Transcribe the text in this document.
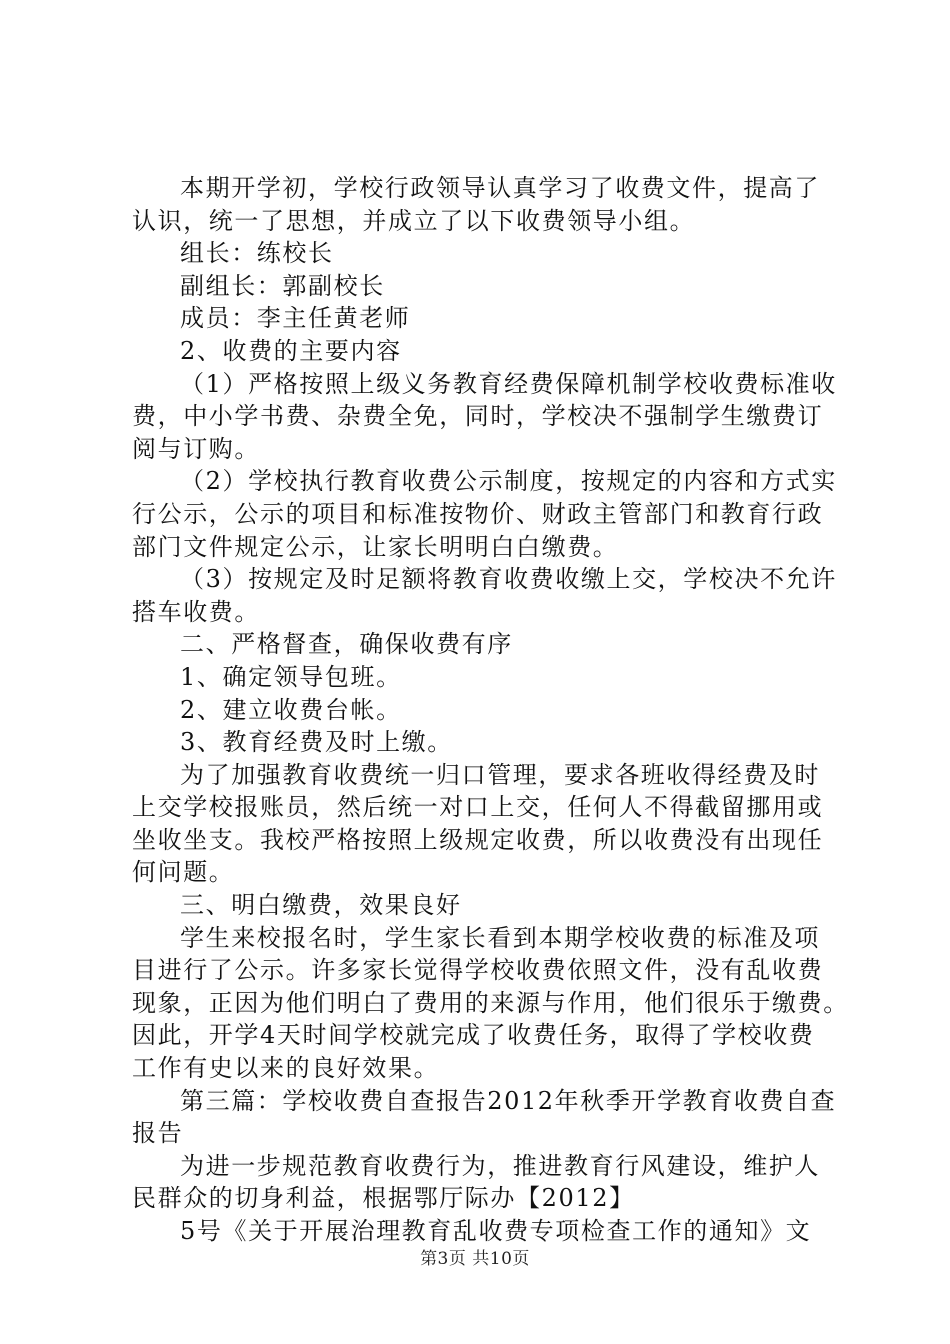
本期开学初，学校行政领导认真学习了收费文件，提高了
认识，统一了思想，并成立了以下收费领导小组。
组长：练校长
副组长：郭副校长
成员：李主任黄老师
2、收费的主要内容
（1）严格按照上级义务教育经费保障机制学校收费标准收
费，中小学书费、杂费全免，同时，学校决不强制学生缴费订
阅与订购。
（2）学校执行教育收费公示制度，按规定的内容和方式实
行公示，公示的项目和标准按物价、财政主管部门和教育行政
部门文件规定公示，让家长明明白白缴费。
（3）按规定及时足额将教育收费收缴上交，学校决不允许
搭车收费。
二、严格督查，确保收费有序
1、确定领导包班。
2、建立收费台帐。
3、教育经费及时上缴。
为了加强教育收费统一归口管理，要求各班收得经费及时
上交学校报账员，然后统一对口上交，任何人不得截留挪用或
坐收坐支。我校严格按照上级规定收费，所以收费没有出现任
何问题。
三、明白缴费，效果良好
学生来校报名时，学生家长看到本期学校收费的标准及项
目进行了公示。许多家长觉得学校收费依照文件，没有乱收费
现象，正因为他们明白了费用的来源与作用，他们很乐于缴费。
因此，开学4天时间学校就完成了收费任务，取得了学校收费
工作有史以来的良好效果。
第三篇：学校收费自查报告2012年秋季开学教育收费自查
报告
为进一步规范教育收费行为，推进教育行风建设，维护人
民群众的切身利益，根据鄂厅际办【2012】
5号《关于开展治理教育乱收费专项检查工作的通知》文
第3页 共10页
